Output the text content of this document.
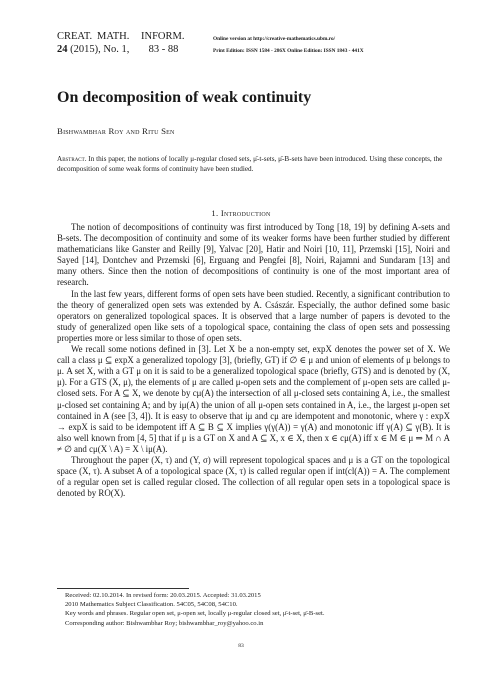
CREAT. MATH. INFORM.
24 (2015), No. 1, 83 - 88
Online version at http://creative-mathematics.ubm.ro/
Print Edition: ISSN 1584 - 286X Online Edition: ISSN 1843 - 441X
On decomposition of weak continuity
Bishwambhar Roy and Ritu Sen
Abstract. In this paper, the notions of locally μ-regular closed sets, μ̄-t-sets, μ̄-B-sets have been introduced. Using these concepts, the decomposition of some weak forms of continuity have been studied.
1. Introduction

The notion of decompositions of continuity was first introduced by Tong [18, 19] by defining A-sets and B-sets. The decomposition of continuity and some of its weaker forms have been further studied by different mathematicians like Ganster and Reilly [9], Yalvac [20], Hatir and Noiri [10, 11], Przemski [15], Noiri and Sayed [14], Dontchev and Przemski [6], Erguang and Pengfei [8], Noiri, Rajamni and Sundaram [13] and many others. Since then the notion of decompositions of continuity is one of the most important area of research.

In the last few years, different forms of open sets have been studied. Recently, a significant contribution to the theory of generalized open sets was extended by A. Császár. Especially, the author defined some basic operators on generalized topological spaces. It is observed that a large number of papers is devoted to the study of generalized open like sets of a topological space, containing the class of open sets and possessing properties more or less similar to those of open sets.

We recall some notions defined in [3]. Let X be a non-empty set, expX denotes the power set of X. We call a class μ ⊆ expX a generalized topology [3], (briefly, GT) if ∅ ∈ μ and union of elements of μ belongs to μ. A set X, with a GT μ on it is said to be a generalized topological space (briefly, GTS) and is denoted by (X, μ). For a GTS (X, μ), the elements of μ are called μ-open sets and the complement of μ-open sets are called μ-closed sets. For A ⊆ X, we denote by cμ(A) the intersection of all μ-closed sets containing A, i.e., the smallest μ-closed set containing A; and by iμ(A) the union of all μ-open sets contained in A, i.e., the largest μ-open set contained in A (see [3, 4]). It is easy to observe that iμ and cμ are idempotent and monotonic, where γ : expX → expX is said to be idempotent iff A ⊆ B ⊆ X implies γ(γ(A)) = γ(A) and monotonic iff γ(A) ⊆ γ(B). It is also well known from [4, 5] that if μ is a GT on X and A ⊆ X, x ∈ X, then x ∈ cμ(A) iff x ∈ M ∈ μ ⇒ M ∩ A ≠ ∅ and cμ(X \ A) = X \ iμ(A).

Throughout the paper (X, τ) and (Y, σ) will represent topological spaces and μ is a GT on the topological space (X, τ). A subset A of a topological space (X, τ) is called regular open if int(cl(A)) = A. The complement of a regular open set is called regular closed. The collection of all regular open sets in a topological space is denoted by RO(X).

Received: 02.10.2014. In revised form: 20.03.2015. Accepted: 31.03.2015
2010 Mathematics Subject Classification. 54C05, 54C08, 54C10.
Key words and phrases. Regular open set, μ-open set, locally μ-regular closed set, μ̄-t-set, μ̄-B-set.
Corresponding author: Bishwambhar Roy; bishwambhar_roy@yahoo.co.in
83
